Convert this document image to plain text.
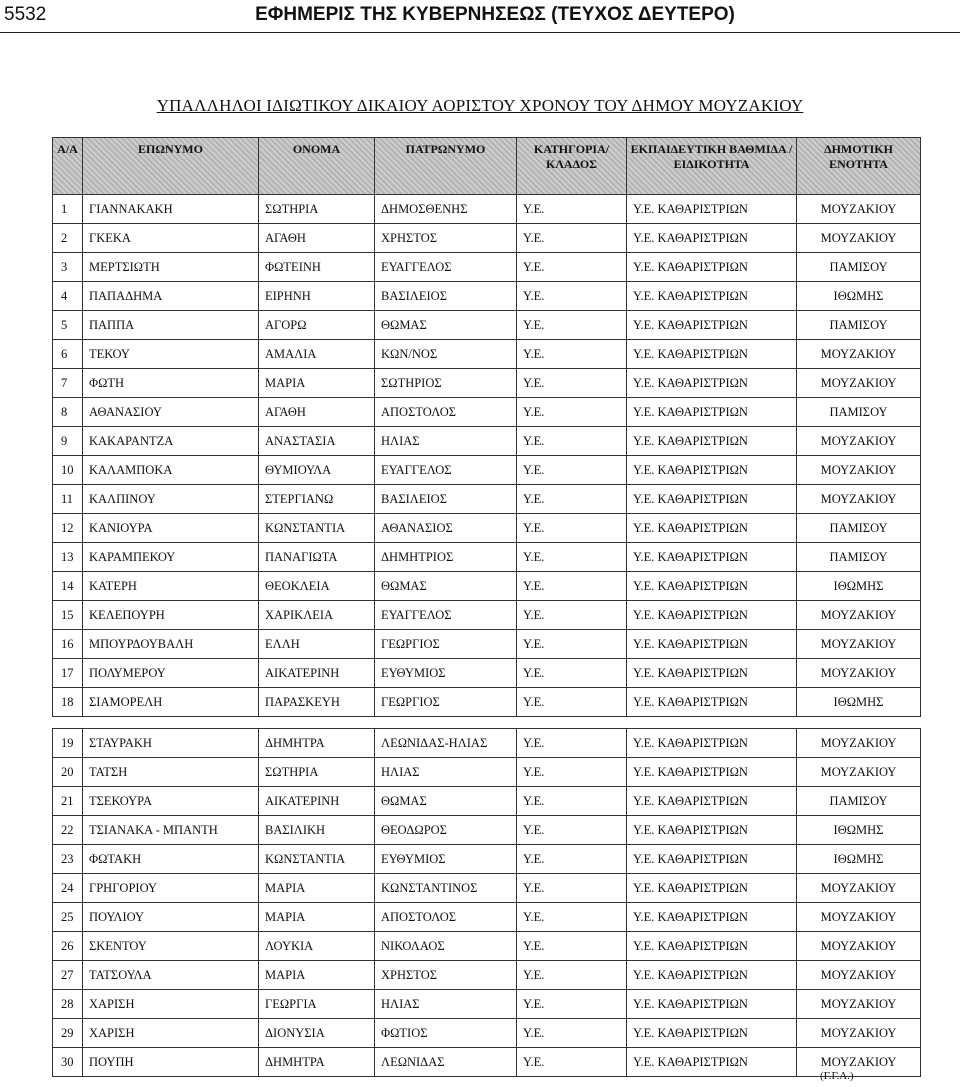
5532	ΕΦΗΜΕΡΙΣ ΤΗΣ ΚΥΒΕΡΝΗΣΕΩΣ (ΤΕΥΧΟΣ ΔΕΥΤΕΡΟ)
ΥΠΑΛΛΗΛΟΙ ΙΔΙΩΤΙΚΟΥ ΔΙΚΑΙΟΥ ΑΟΡΙΣΤΟΥ ΧΡΟΝΟΥ ΤΟΥ ΔΗΜΟΥ ΜΟΥΖΑΚΙΟΥ
Α/Α	ΕΠΩΝΥΜΟ	ΟΝΟΜΑ	ΠΑΤΡΩΝΥΜΟ	ΚΑΤΗΓΟΡΙΑ/ ΚΛΑΔΟΣ	ΕΚΠΑΙΔΕΥΤΙΚΗ ΒΑΘΜΙΔΑ / ΕΙΔΙΚΟΤΗΤΑ	ΔΗΜΟΤΙΚΗ ΕΝΟΤΗΤΑ
1	ΓΙΑΝΝΑΚΑΚΗ	ΣΩΤΗΡΙΑ	ΔΗΜΟΣΘΕΝΗΣ	Υ.Ε.	Υ.Ε. ΚΑΘΑΡΙΣΤΡΙΩΝ	ΜΟΥΖΑΚΙΟΥ
2	ΓΚΕΚΑ	ΑΓΑΘΗ	ΧΡΗΣΤΟΣ	Υ.Ε.	Υ.Ε. ΚΑΘΑΡΙΣΤΡΙΩΝ	ΜΟΥΖΑΚΙΟΥ
3	ΜΕΡΤΣΙΩΤΗ	ΦΩΤΕΙΝΗ	ΕΥΑΓΓΕΛΟΣ	Υ.Ε.	Υ.Ε. ΚΑΘΑΡΙΣΤΡΙΩΝ	ΠΑΜΙΣΟΥ
4	ΠΑΠΑΔΗΜΑ	ΕΙΡΗΝΗ	ΒΑΣΙΛΕΙΟΣ	Υ.Ε.	Υ.Ε. ΚΑΘΑΡΙΣΤΡΙΩΝ	ΙΘΩΜΗΣ
5	ΠΑΠΠΑ	ΑΓΟΡΩ	ΘΩΜΑΣ	Υ.Ε.	Υ.Ε. ΚΑΘΑΡΙΣΤΡΙΩΝ	ΠΑΜΙΣΟΥ
6	ΤΕΚΟΥ	ΑΜΑΛΙΑ	ΚΩΝ/ΝΟΣ	Υ.Ε.	Υ.Ε. ΚΑΘΑΡΙΣΤΡΙΩΝ	ΜΟΥΖΑΚΙΟΥ
7	ΦΩΤΗ	ΜΑΡΙΑ	ΣΩΤΗΡΙΟΣ	Υ.Ε.	Υ.Ε. ΚΑΘΑΡΙΣΤΡΙΩΝ	ΜΟΥΖΑΚΙΟΥ
8	ΑΘΑΝΑΣΙΟΥ	ΑΓΑΘΗ	ΑΠΟΣΤΟΛΟΣ	Υ.Ε.	Υ.Ε. ΚΑΘΑΡΙΣΤΡΙΩΝ	ΠΑΜΙΣΟΥ
9	ΚΑΚΑΡΑΝΤΖΑ	ΑΝΑΣΤΑΣΙΑ	ΗΛΙΑΣ	Υ.Ε.	Υ.Ε. ΚΑΘΑΡΙΣΤΡΙΩΝ	ΜΟΥΖΑΚΙΟΥ
10	ΚΑΛΑΜΠΟΚΑ	ΘΥΜΙΟΥΛΑ	ΕΥΑΓΓΕΛΟΣ	Υ.Ε.	Υ.Ε. ΚΑΘΑΡΙΣΤΡΙΩΝ	ΜΟΥΖΑΚΙΟΥ
11	ΚΑΛΠΙΝΟΥ	ΣΤΕΡΓΙΑΝΩ	ΒΑΣΙΛΕΙΟΣ	Υ.Ε.	Υ.Ε. ΚΑΘΑΡΙΣΤΡΙΩΝ	ΜΟΥΖΑΚΙΟΥ
12	ΚΑΝΙΟΥΡΑ	ΚΩΝΣΤΑΝΤΙΑ	ΑΘΑΝΑΣΙΟΣ	Υ.Ε.	Υ.Ε. ΚΑΘΑΡΙΣΤΡΙΩΝ	ΠΑΜΙΣΟΥ
13	ΚΑΡΑΜΠΕΚΟΥ	ΠΑΝΑΓΙΩΤΑ	ΔΗΜΗΤΡΙΟΣ	Υ.Ε.	Υ.Ε. ΚΑΘΑΡΙΣΤΡΙΩΝ	ΠΑΜΙΣΟΥ
14	ΚΑΤΕΡΗ	ΘΕΟΚΛΕΙΑ	ΘΩΜΑΣ	Υ.Ε.	Υ.Ε. ΚΑΘΑΡΙΣΤΡΙΩΝ	ΙΘΩΜΗΣ
15	ΚΕΛΕΠΟΥΡΗ	ΧΑΡΙΚΛΕΙΑ	ΕΥΑΓΓΕΛΟΣ	Υ.Ε.	Υ.Ε. ΚΑΘΑΡΙΣΤΡΙΩΝ	ΜΟΥΖΑΚΙΟΥ
16	ΜΠΟΥΡΔΟΥΒΑΛΗ	ΕΛΛΗ	ΓΕΩΡΓΙΟΣ	Υ.Ε.	Υ.Ε. ΚΑΘΑΡΙΣΤΡΙΩΝ	ΜΟΥΖΑΚΙΟΥ
17	ΠΟΛΥΜΕΡΟΥ	ΑΙΚΑΤΕΡΙΝΗ	ΕΥΘΥΜΙΟΣ	Υ.Ε.	Υ.Ε. ΚΑΘΑΡΙΣΤΡΙΩΝ	ΜΟΥΖΑΚΙΟΥ
18	ΣΙΑΜΟΡΕΛΗ	ΠΑΡΑΣΚΕΥΗ	ΓΕΩΡΓΙΟΣ	Υ.Ε.	Υ.Ε. ΚΑΘΑΡΙΣΤΡΙΩΝ	ΙΘΩΜΗΣ
19	ΣΤΑΥΡΑΚΗ	ΔΗΜΗΤΡΑ	ΛΕΩΝΙΔΑΣ-ΗΛΙΑΣ	Υ.Ε.	Υ.Ε. ΚΑΘΑΡΙΣΤΡΙΩΝ	ΜΟΥΖΑΚΙΟΥ
20	ΤΑΤΣΗ	ΣΩΤΗΡΙΑ	ΗΛΙΑΣ	Υ.Ε.	Υ.Ε. ΚΑΘΑΡΙΣΤΡΙΩΝ	ΜΟΥΖΑΚΙΟΥ
21	ΤΣΕΚΟΥΡΑ	ΑΙΚΑΤΕΡΙΝΗ	ΘΩΜΑΣ	Υ.Ε.	Υ.Ε. ΚΑΘΑΡΙΣΤΡΙΩΝ	ΠΑΜΙΣΟΥ
22	ΤΣΙΑΝΑΚΑ - ΜΠΑΝΤΗ	ΒΑΣΙΛΙΚΗ	ΘΕΟΔΩΡΟΣ	Υ.Ε.	Υ.Ε. ΚΑΘΑΡΙΣΤΡΙΩΝ	ΙΘΩΜΗΣ
23	ΦΩΤΑΚΗ	ΚΩΝΣΤΑΝΤΙΑ	ΕΥΘΥΜΙΟΣ	Υ.Ε.	Υ.Ε. ΚΑΘΑΡΙΣΤΡΙΩΝ	ΙΘΩΜΗΣ
24	ΓΡΗΓΟΡΙΟΥ	ΜΑΡΙΑ	ΚΩΝΣΤΑΝΤΙΝΟΣ	Υ.Ε.	Υ.Ε. ΚΑΘΑΡΙΣΤΡΙΩΝ	ΜΟΥΖΑΚΙΟΥ
25	ΠΟΥΛΙΟΥ	ΜΑΡΙΑ	ΑΠΟΣΤΟΛΟΣ	Υ.Ε.	Υ.Ε. ΚΑΘΑΡΙΣΤΡΙΩΝ	ΜΟΥΖΑΚΙΟΥ
26	ΣΚΕΝΤΟΥ	ΛΟΥΚΙΑ	ΝΙΚΟΛΑΟΣ	Υ.Ε.	Υ.Ε. ΚΑΘΑΡΙΣΤΡΙΩΝ	ΜΟΥΖΑΚΙΟΥ
27	ΤΑΤΣΟΥΛΑ	ΜΑΡΙΑ	ΧΡΗΣΤΟΣ	Υ.Ε.	Υ.Ε. ΚΑΘΑΡΙΣΤΡΙΩΝ	ΜΟΥΖΑΚΙΟΥ
28	ΧΑΡΙΣΗ	ΓΕΩΡΓΙΑ	ΗΛΙΑΣ	Υ.Ε.	Υ.Ε. ΚΑΘΑΡΙΣΤΡΙΩΝ	ΜΟΥΖΑΚΙΟΥ
29	ΧΑΡΙΣΗ	ΔΙΟΝΥΣΙΑ	ΦΩΤΙΟΣ	Υ.Ε.	Υ.Ε. ΚΑΘΑΡΙΣΤΡΙΩΝ	ΜΟΥΖΑΚΙΟΥ
30	ΠΟΥΠΗ	ΔΗΜΗΤΡΑ	ΛΕΩΝΙΔΑΣ	Υ.Ε.	Υ.Ε. ΚΑΘΑΡΙΣΤΡΙΩΝ	ΜΟΥΖΑΚΙΟΥ
(Γ.Γ.Α.)
